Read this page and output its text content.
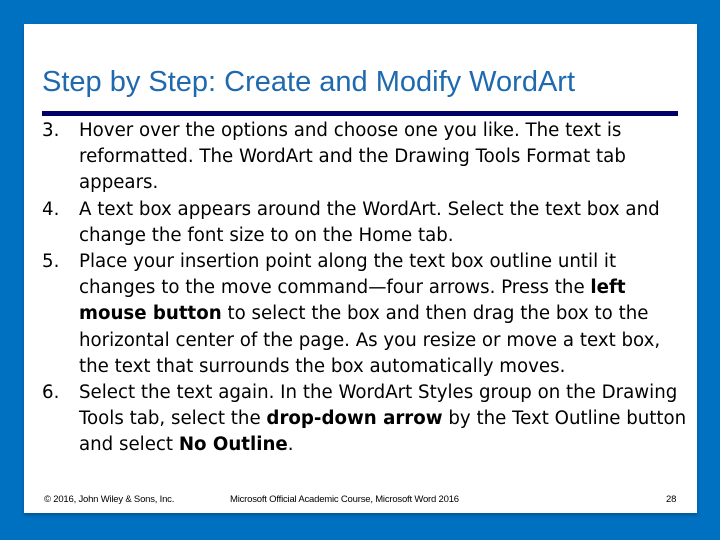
Step by Step: Create and Modify WordArt
3. Hover over the options and choose one you like. The text is reformatted. The WordArt and the Drawing Tools Format tab appears.
4. A text box appears around the WordArt. Select the text box and change the font size to on the Home tab.
5. Place your insertion point along the text box outline until it changes to the move command—four arrows. Press the left mouse button to select the box and then drag the box to the horizontal center of the page. As you resize or move a text box, the text that surrounds the box automatically moves.
6. Select the text again. In the WordArt Styles group on the Drawing Tools tab, select the drop-down arrow by the Text Outline button and select No Outline.
© 2016, John Wiley & Sons, Inc.	Microsoft Official Academic Course, Microsoft Word 2016	28
